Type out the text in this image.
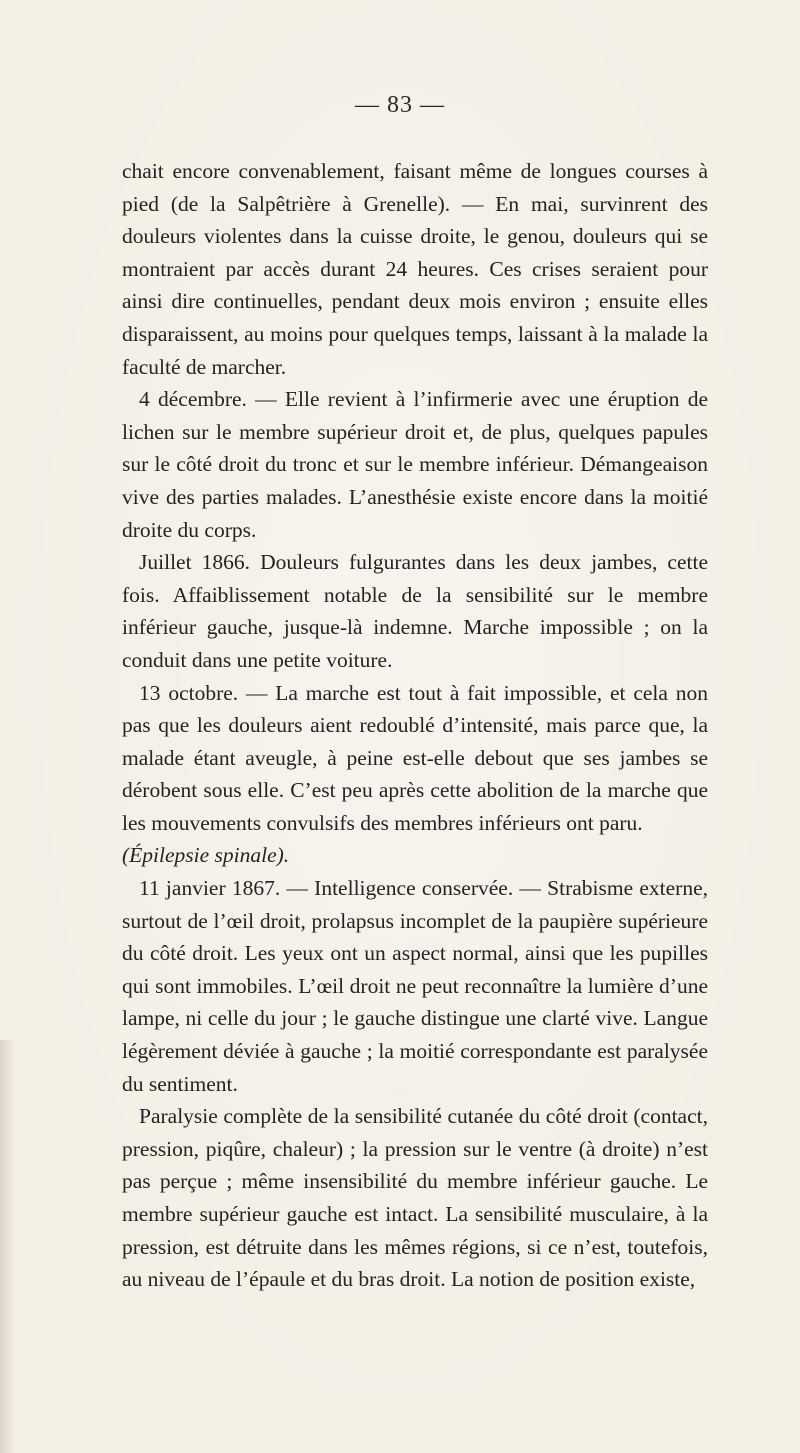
— 83 —

chait encore convenablement, faisant même de longues courses à pied (de la Salpêtrière à Grenelle). — En mai, survinrent des douleurs violentes dans la cuisse droite, le genou, douleurs qui se montraient par accès durant 24 heures. Ces crises seraient pour ainsi dire continuelles, pendant deux mois environ ; ensuite elles disparaissent, au moins pour quelques temps, laissant à la malade la faculté de marcher.

4 décembre. — Elle revient à l’infirmerie avec une éruption de lichen sur le membre supérieur droit et, de plus, quelques papules sur le côté droit du tronc et sur le membre inférieur. Démangeaison vive des parties malades. L’anesthésie existe encore dans la moitié droite du corps.

Juillet 1866. Douleurs fulgurantes dans les deux jambes, cette fois. Affaiblissement notable de la sensibilité sur le membre inférieur gauche, jusque-là indemne. Marche impossible ; on la conduit dans une petite voiture.

13 octobre. — La marche est tout à fait impossible, et cela non pas que les douleurs aient redoublé d’intensité, mais parce que, la malade étant aveugle, à peine est-elle debout que ses jambes se dérobent sous elle. C’est peu après cette abolition de la marche que les mouvements convulsifs des membres inférieurs ont paru.

(Épilepsie spinale).

11 janvier 1867. — Intelligence conservée. — Strabisme externe, surtout de l’œil droit, prolapsus incomplet de la paupière supérieure du côté droit. Les yeux ont un aspect normal, ainsi que les pupilles qui sont immobiles. L’œil droit ne peut reconnaître la lumière d’une lampe, ni celle du jour ; le gauche distingue une clarté vive. Langue légèrement déviée à gauche ; la moitié correspondante est paralysée du sentiment.

Paralysie complète de la sensibilité cutanée du côté droit (contact, pression, piqûre, chaleur) ; la pression sur le ventre (à droite) n’est pas perçue ; même insensibilité du membre inférieur gauche. Le membre supérieur gauche est intact. La sensibilité musculaire, à la pression, est détruite dans les mêmes régions, si ce n’est, toutefois, au niveau de l’épaule et du bras droit. La notion de position existe,
